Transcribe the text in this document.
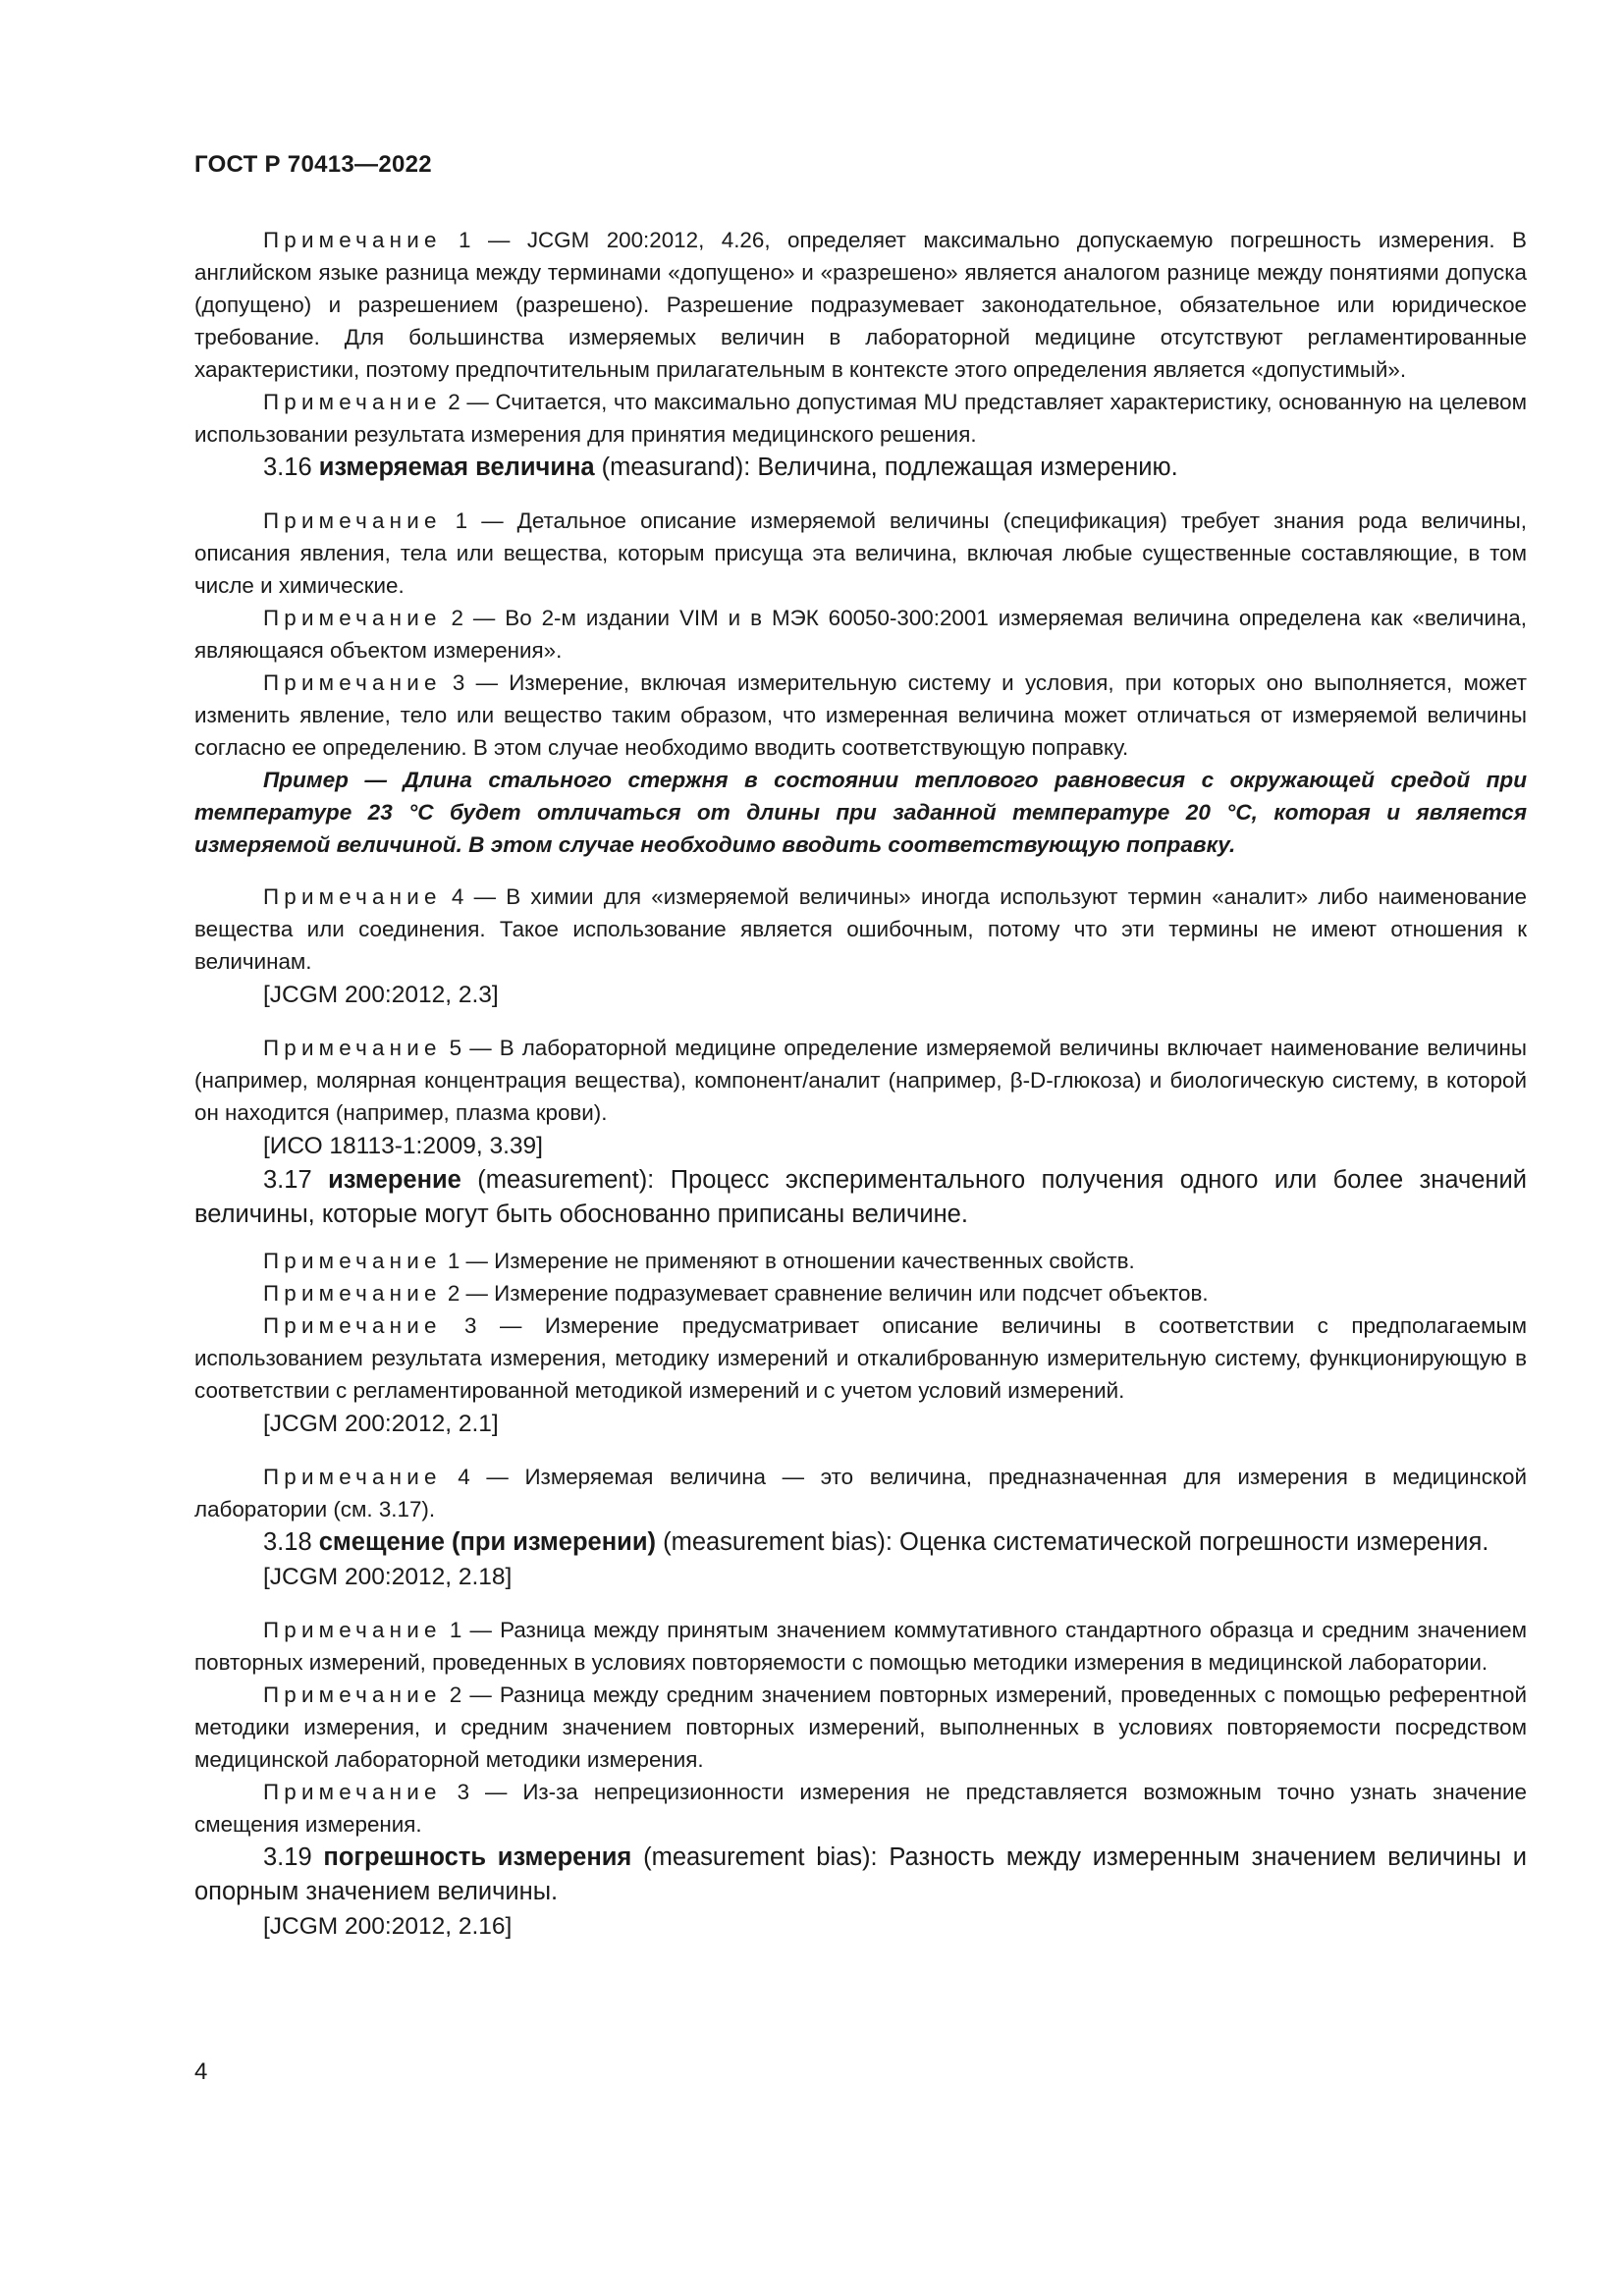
ГОСТ Р 70413—2022

Примечание 1 — JCGM 200:2012, 4.26, определяет максимально допускаемую погрешность измерения. В английском языке разница между терминами «допущено» и «разрешено» является аналогом разнице между понятиями допуска (допущено) и разрешением (разрешено). Разрешение подразумевает законодательное, обязательное или юридическое требование. Для большинства измеряемых величин в лабораторной медицине отсутствуют регламентированные характеристики, поэтому предпочтительным прилагательным в контексте этого определения является «допустимый».

Примечание 2 — Считается, что максимально допустимая MU представляет характеристику, основанную на целевом использовании результата измерения для принятия медицинского решения.

3.16 измеряемая величина (measurand): Величина, подлежащая измерению.

Примечание 1 — Детальное описание измеряемой величины (спецификация) требует знания рода величины, описания явления, тела или вещества, которым присуща эта величина, включая любые существенные составляющие, в том числе и химические.

Примечание 2 — Во 2-м издании VIM и в МЭК 60050-300:2001 измеряемая величина определена как «величина, являющаяся объектом измерения».

Примечание 3 — Измерение, включая измерительную систему и условия, при которых оно выполняется, может изменить явление, тело или вещество таким образом, что измеренная величина может отличаться от измеряемой величины согласно ее определению. В этом случае необходимо вводить соответствующую поправку.

Пример — Длина стального стержня в состоянии теплового равновесия с окружающей средой при температуре 23 °С будет отличаться от длины при заданной температуре 20 °С, которая и является измеряемой величиной. В этом случае необходимо вводить соответствующую поправку.

Примечание 4 — В химии для «измеряемой величины» иногда используют термин «аналит» либо наименование вещества или соединения. Такое использование является ошибочным, потому что эти термины не имеют отношения к величинам.

[JCGM 200:2012, 2.3]

Примечание 5 — В лабораторной медицине определение измеряемой величины включает наименование величины (например, молярная концентрация вещества), компонент/аналит (например, β-D-глюкоза) и биологическую систему, в которой он находится (например, плазма крови).

[ИСО 18113-1:2009, 3.39]

3.17 измерение (measurement): Процесс экспериментального получения одного или более значений величины, которые могут быть обоснованно приписаны величине.

Примечание 1 — Измерение не применяют в отношении качественных свойств.

Примечание 2 — Измерение подразумевает сравнение величин или подсчет объектов.

Примечание 3 — Измерение предусматривает описание величины в соответствии с предполагаемым использованием результата измерения, методику измерений и откалиброванную измерительную систему, функционирующую в соответствии с регламентированной методикой измерений и с учетом условий измерений.

[JCGM 200:2012, 2.1]

Примечание 4 — Измеряемая величина — это величина, предназначенная для измерения в медицинской лаборатории (см. 3.17).

3.18 смещение (при измерении) (measurement bias): Оценка систематической погрешности измерения.

[JCGM 200:2012, 2.18]

Примечание 1 — Разница между принятым значением коммутативного стандартного образца и средним значением повторных измерений, проведенных в условиях повторяемости с помощью методики измерения в медицинской лаборатории.

Примечание 2 — Разница между средним значением повторных измерений, проведенных с помощью референтной методики измерения, и средним значением повторных измерений, выполненных в условиях повторяемости посредством медицинской лабораторной методики измерения.

Примечание 3 — Из-за непрецизионности измерения не представляется возможным точно узнать значение смещения измерения.

3.19 погрешность измерения (measurement bias): Разность между измеренным значением величины и опорным значением величины.

[JCGM 200:2012, 2.16]

4
